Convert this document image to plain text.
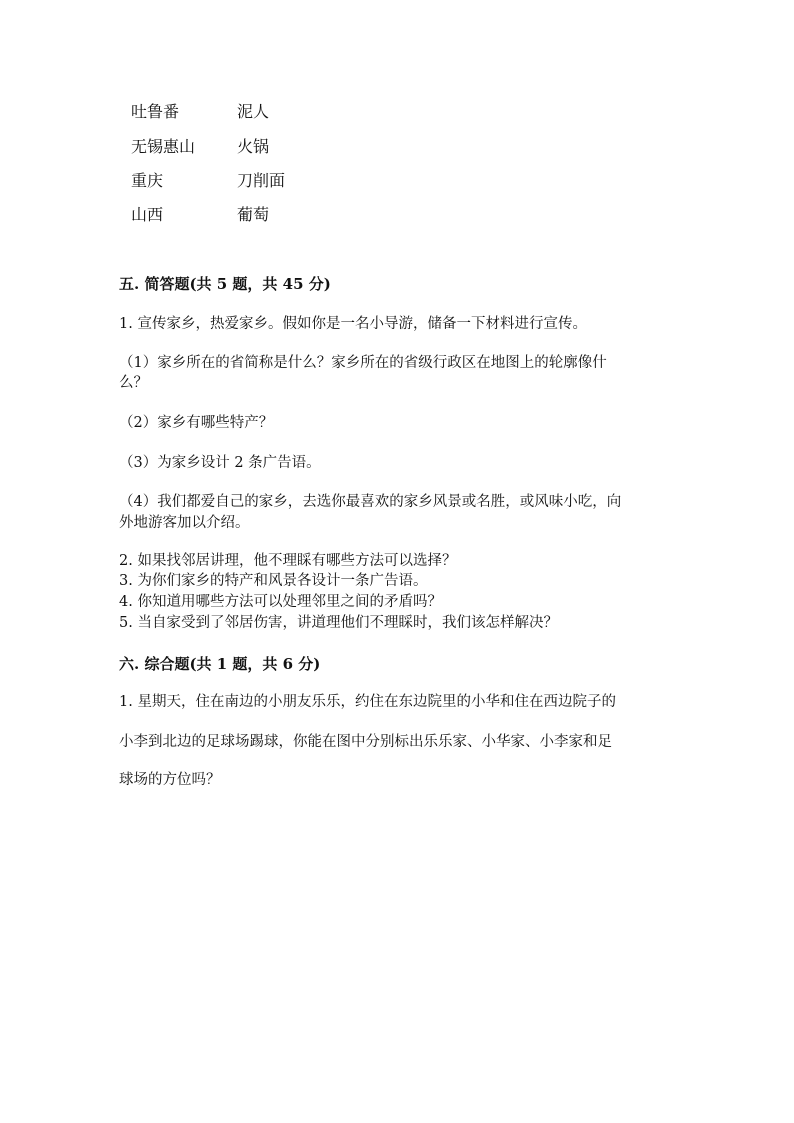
吐鲁番	泥人
无锡惠山	火锅
重庆	刀削面
山西	葡萄
五. 简答题(共 5 题，共 45 分)
1. 宣传家乡，热爱家乡。假如你是一名小导游，储备一下材料进行宣传。
（1）家乡所在的省简称是什么？家乡所在的省级行政区在地图上的轮廓像什
么？
（2）家乡有哪些特产？
（3）为家乡设计 2 条广告语。
（4）我们都爱自己的家乡，去选你最喜欢的家乡风景或名胜，或风味小吃，向
外地游客加以介绍。
2. 如果找邻居讲理，他不理睬有哪些方法可以选择？
3. 为你们家乡的特产和风景各设计一条广告语。
4. 你知道用哪些方法可以处理邻里之间的矛盾吗？
5. 当自家受到了邻居伤害，讲道理他们不理睬时，我们该怎样解决？
六. 综合题(共 1 题，共 6 分)
1. 星期天，住在南边的小朋友乐乐，约住在东边院里的小华和住在西边院子的
小李到北边的足球场踢球，你能在图中分别标出乐乐家、小华家、小李家和足
球场的方位吗？
